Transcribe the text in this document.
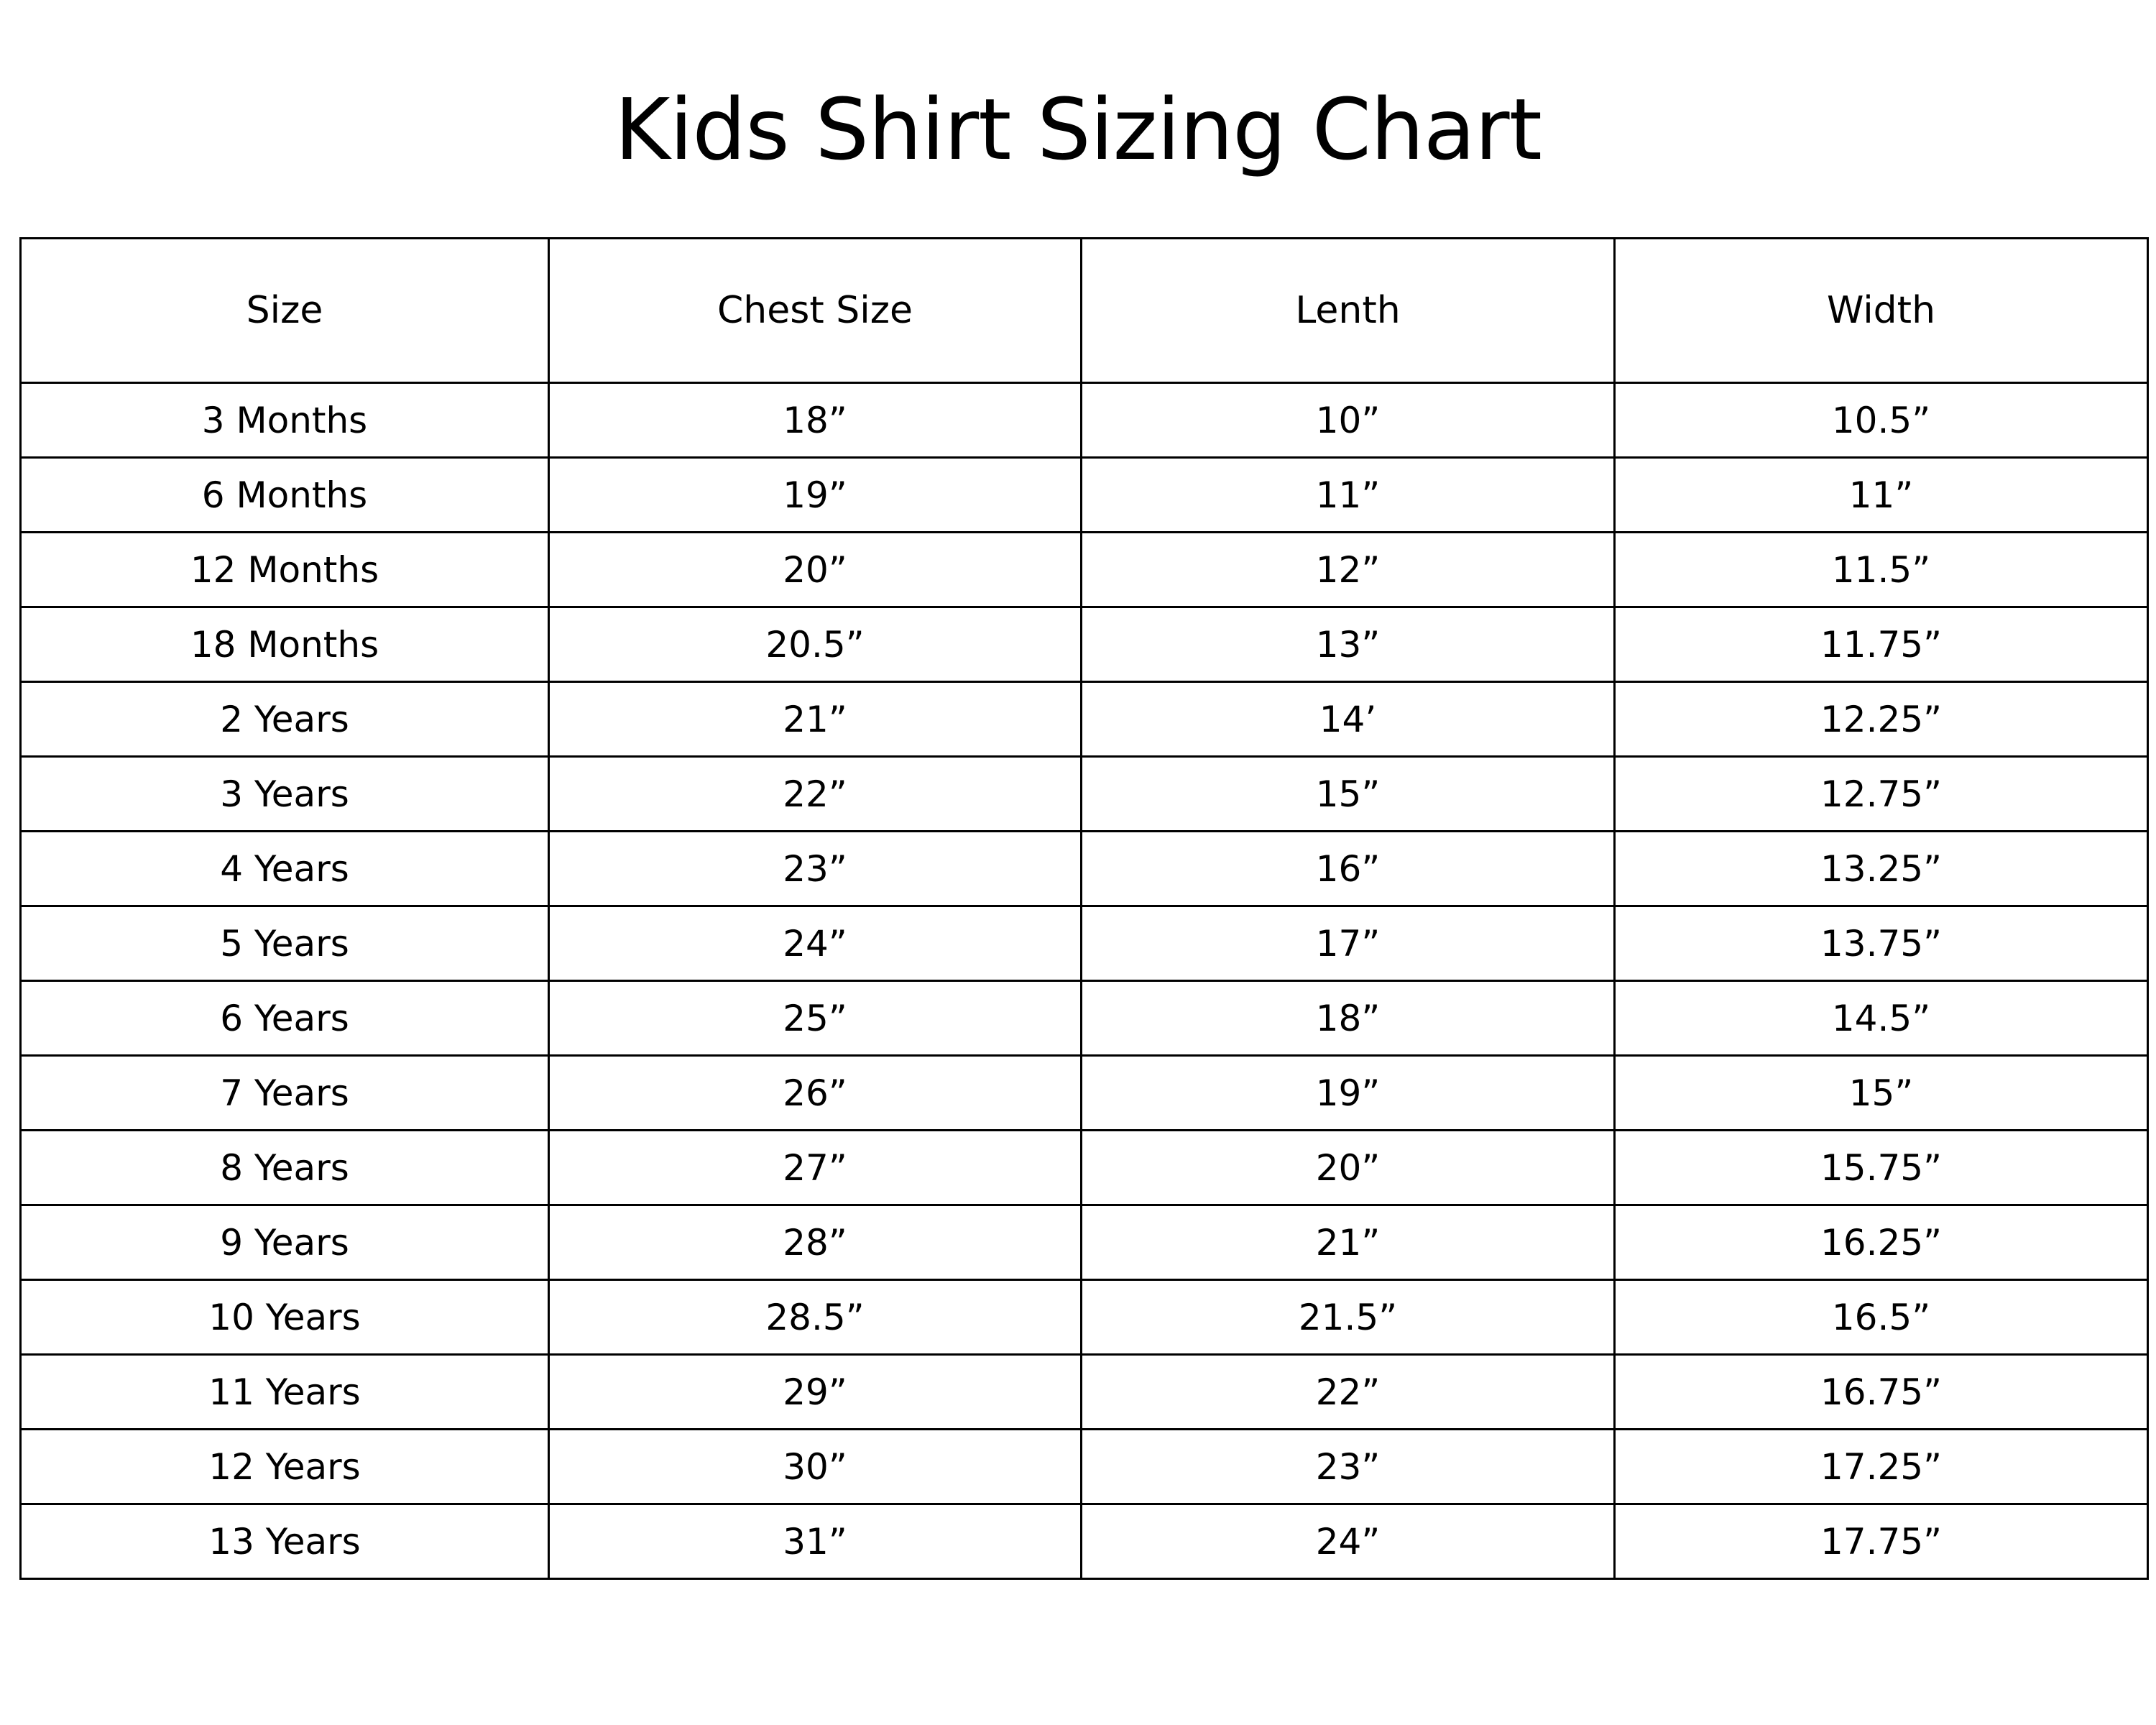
Kids Shirt Sizing Chart
Size	Chest Size	Lenth	Width
3 Months	18”	10”	10.5”
6 Months	19”	11”	11”
12 Months	20”	12”	11.5”
18 Months	20.5”	13”	11.75”
2 Years	21”	14’	12.25”
3 Years	22”	15”	12.75”
4 Years	23”	16”	13.25”
5 Years	24”	17”	13.75”
6 Years	25”	18”	14.5”
7 Years	26”	19”	15”
8 Years	27”	20”	15.75”
9 Years	28”	21”	16.25”
10 Years	28.5”	21.5”	16.5”
11 Years	29”	22”	16.75”
12 Years	30”	23”	17.25”
13 Years	31”	24”	17.75”
